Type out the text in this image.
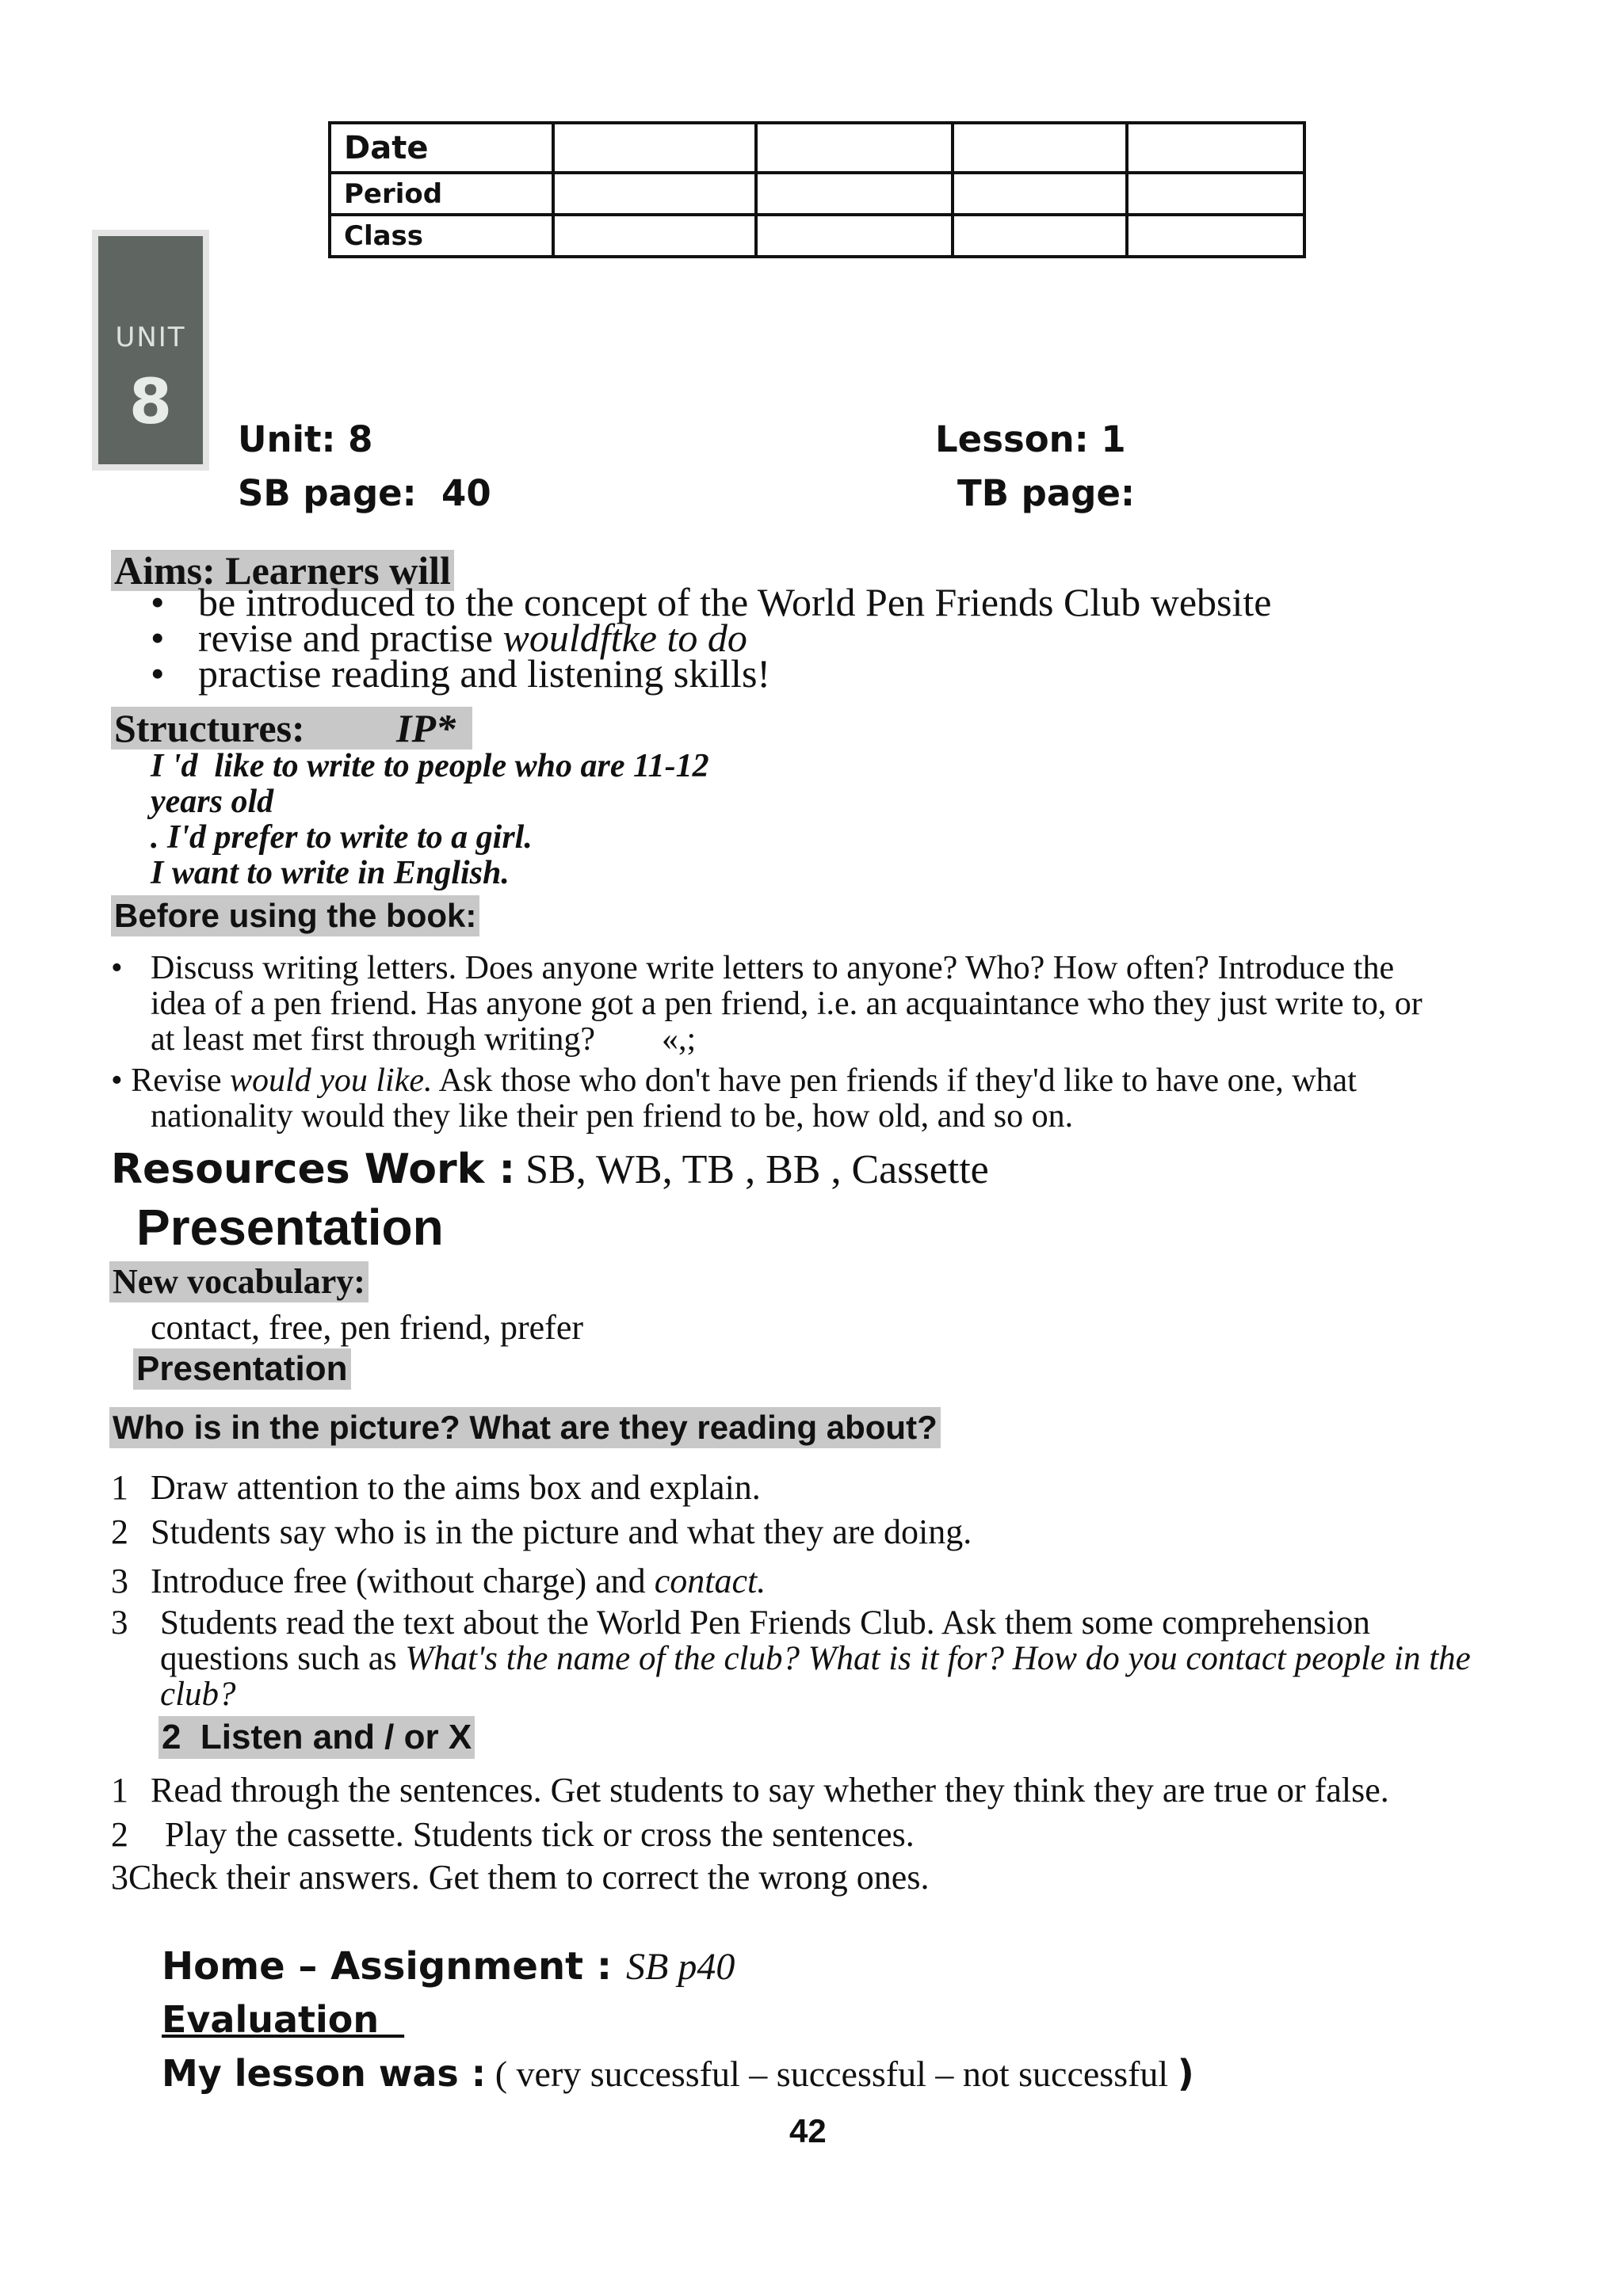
Date				
Period				
Class				
UNIT
8
Unit: 8	Lesson: 1
SB page:  40	TB page:
Aims: Learners will
• be introduced to the concept of the World Pen Friends Club website
• revise and practise wouldftke to do
• practise reading and listening skills!
Structures: IP*
I 'd  like to write to people who are 11-12
years old
. I'd prefer to write to a girl.
I want to write in English.
Before using the book:
• Discuss writing letters. Does anyone write letters to anyone? Who? How often? Introduce the
idea of a pen friend. Has anyone got a pen friend, i.e. an acquaintance who they just write to, or
at least met first through writing?        «,;
• Revise would you like. Ask those who don't have pen friends if they'd like to have one, what
nationality would they like their pen friend to be, how old, and so on.
Resources Work : SB, WB, TB , BB , Cassette
Presentation
New vocabulary:
contact, free, pen friend, prefer
Presentation
Who is in the picture? What are they reading about?
1 Draw attention to the aims box and explain.
2 Students say who is in the picture and what they are doing.
3 Introduce free (without charge) and contact.
3 Students read the text about the World Pen Friends Club. Ask them some comprehension
questions such as What's the name of the club? What is it for? How do you contact people in the
club?
2  Listen and / or X
1 Read through the sentences. Get students to say whether they think they are true or false.
2 Play the cassette. Students tick or cross the sentences.
3Check their answers. Get them to correct the wrong ones.
Home – Assignment : SB p40
Evaluation
My lesson was : ( very successful – successful – not successful )
42
